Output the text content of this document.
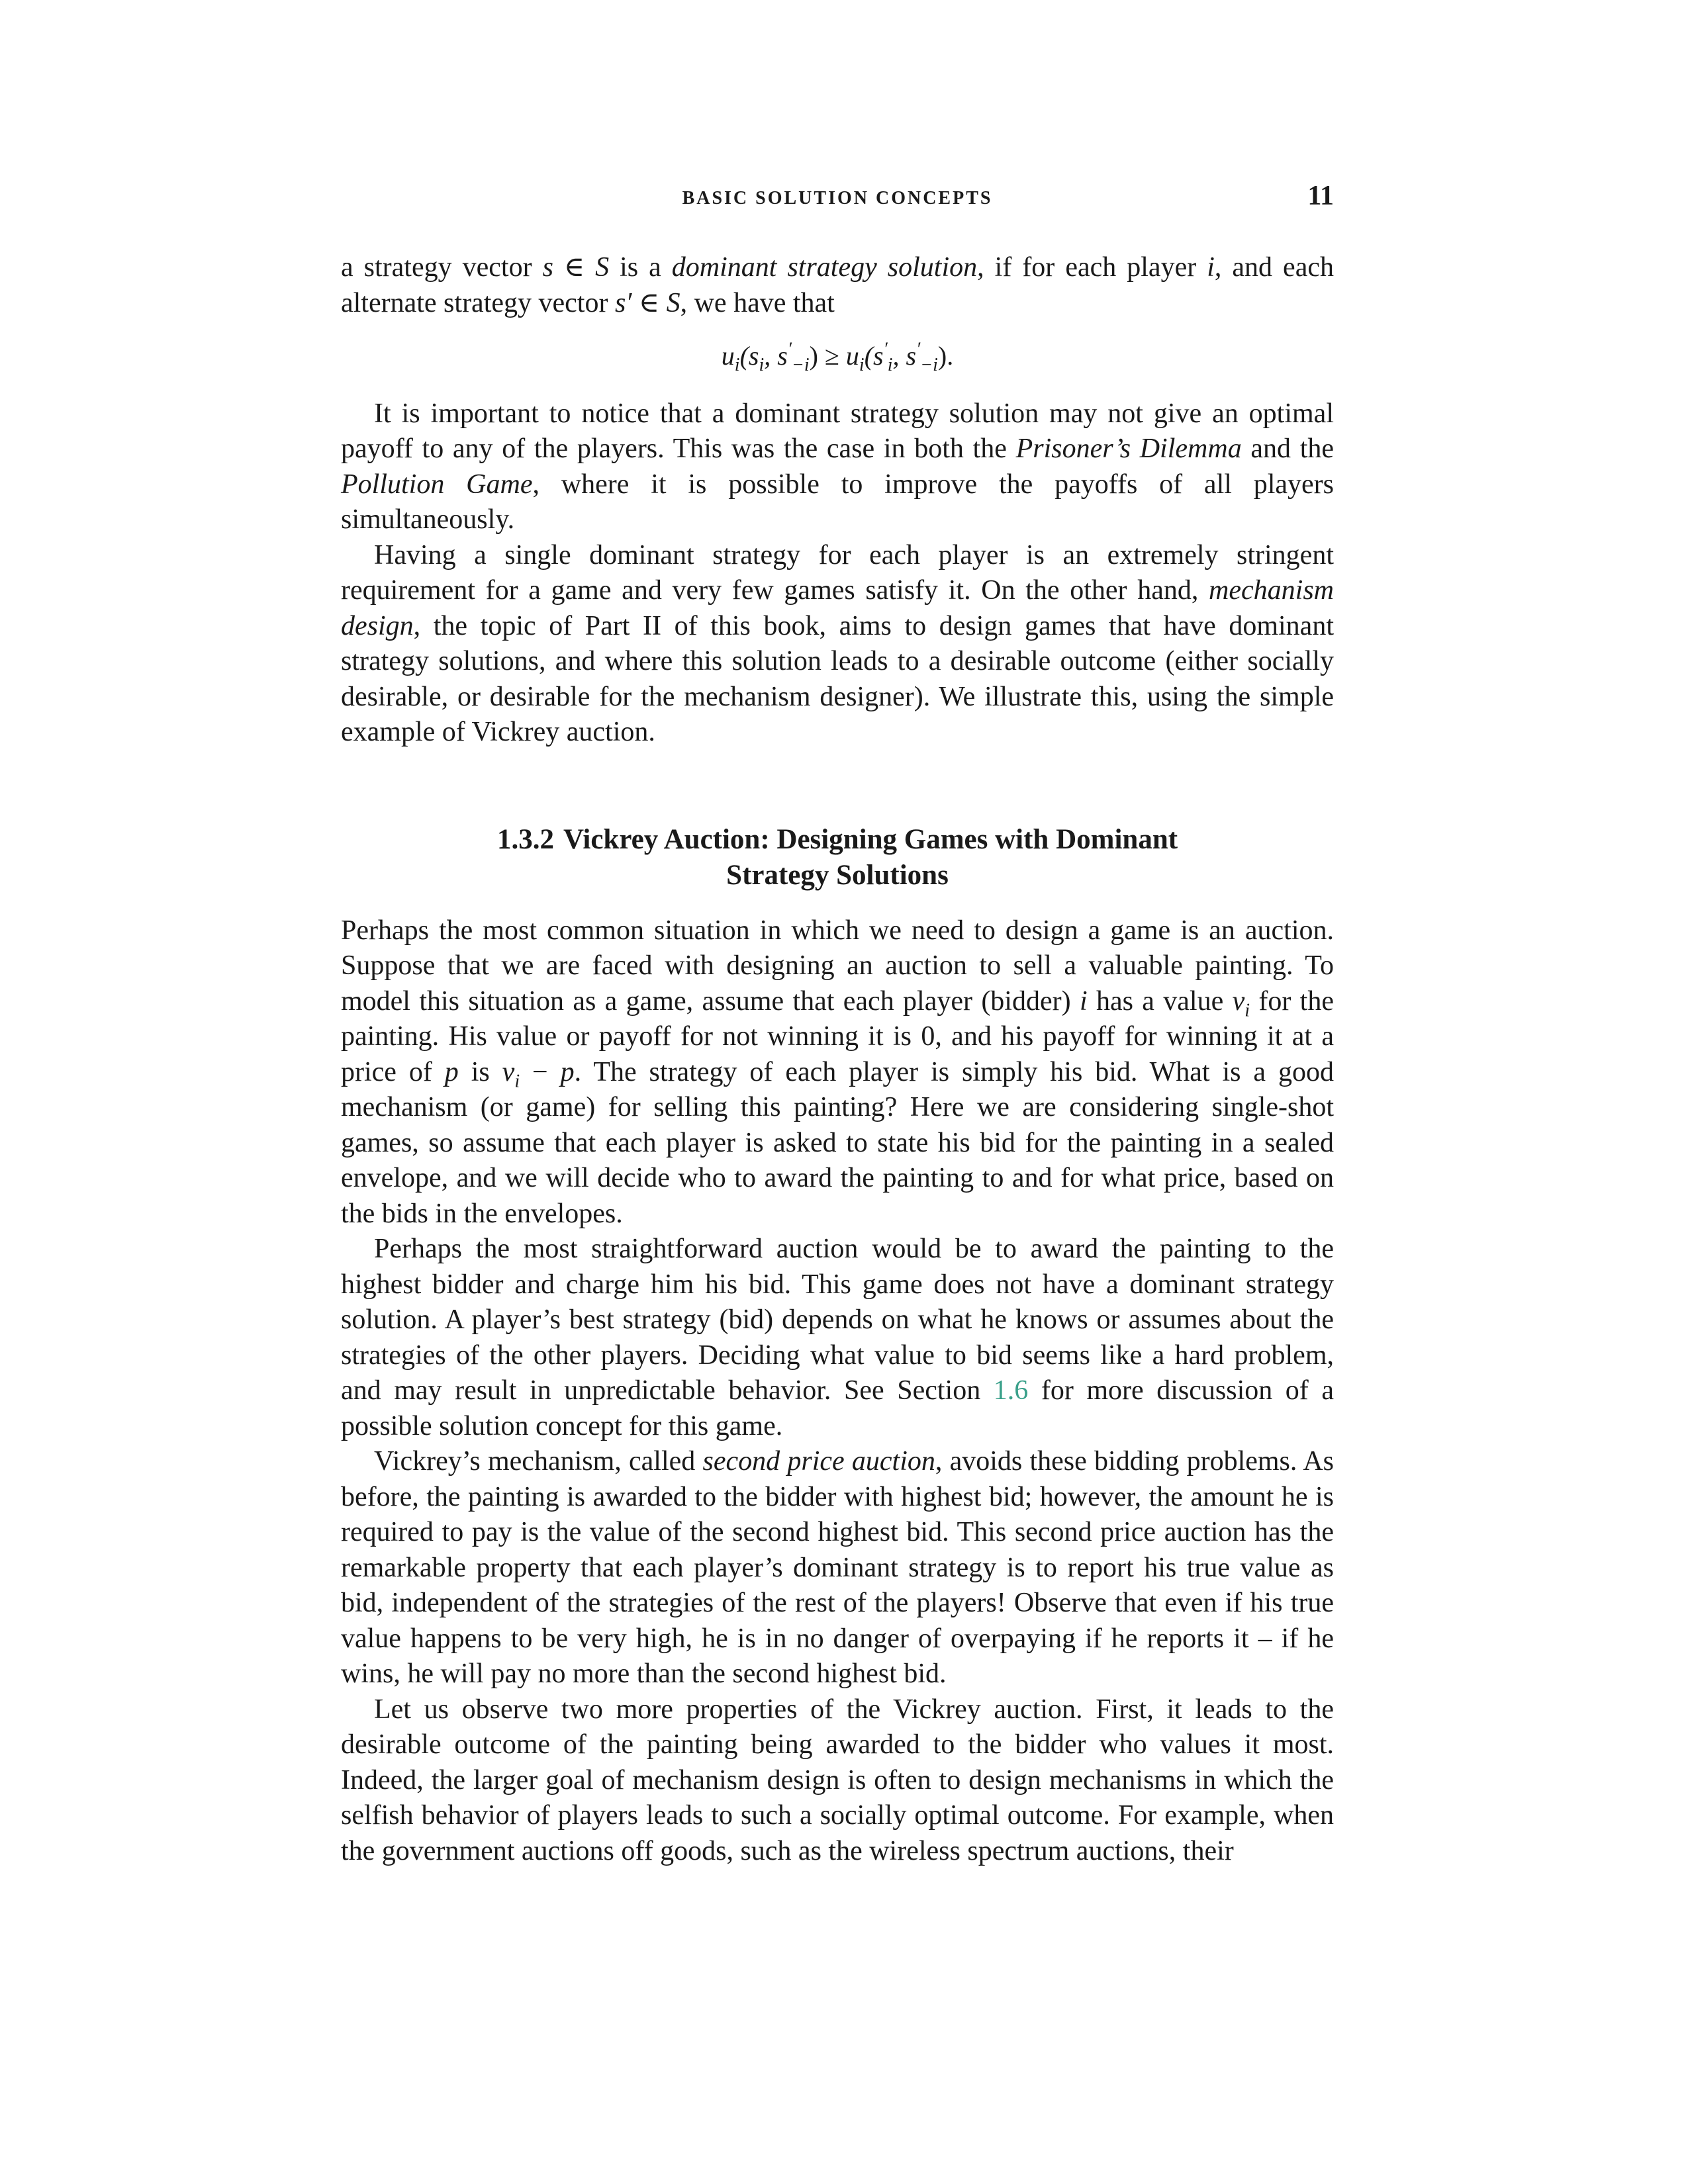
BASIC SOLUTION CONCEPTS	11

a strategy vector s ∈ S is a dominant strategy solution, if for each player i, and each alternate strategy vector s′ ∈ S, we have that

$u_i(s_i$, $s'_{-i}) \ge u_i(s'_i$, $s'_{-i}$).

It is important to notice that a dominant strategy solution may not give an optimal payoff to any of the players. This was the case in both the Prisoner’s Dilemma and the Pollution Game, where it is possible to improve the payoffs of all players simultaneously.

Having a single dominant strategy for each player is an extremely stringent requirement for a game and very few games satisfy it. On the other hand, mechanism design, the topic of Part II of this book, aims to design games that have dominant strategy solutions, and where this solution leads to a desirable outcome (either socially desirable, or desirable for the mechanism designer). We illustrate this, using the simple example of Vickrey auction.

1.3.2 Vickrey Auction: Designing Games with Dominant
Strategy Solutions

Perhaps the most common situation in which we need to design a game is an auction. Suppose that we are faced with designing an auction to sell a valuable painting. To model this situation as a game, assume that each player (bidder) i has a value $v_i$ for the painting. His value or payoff for not winning it is 0, and his payoff for winning it at a price of p is $v_i - p$. The strategy of each player is simply his bid. What is a good mechanism (or game) for selling this painting? Here we are considering single-shot games, so assume that each player is asked to state his bid for the painting in a sealed envelope, and we will decide who to award the painting to and for what price, based on the bids in the envelopes.

Perhaps the most straightforward auction would be to award the painting to the highest bidder and charge him his bid. This game does not have a dominant strategy solution. A player’s best strategy (bid) depends on what he knows or assumes about the strategies of the other players. Deciding what value to bid seems like a hard problem, and may result in unpredictable behavior. See Section 1.6 for more discussion of a possible solution concept for this game.

Vickrey’s mechanism, called second price auction, avoids these bidding problems. As before, the painting is awarded to the bidder with highest bid; however, the amount he is required to pay is the value of the second highest bid. This second price auction has the remarkable property that each player’s dominant strategy is to report his true value as bid, independent of the strategies of the rest of the players! Observe that even if his true value happens to be very high, he is in no danger of overpaying if he reports it – if he wins, he will pay no more than the second highest bid.

Let us observe two more properties of the Vickrey auction. First, it leads to the desirable outcome of the painting being awarded to the bidder who values it most. Indeed, the larger goal of mechanism design is often to design mechanisms in which the selfish behavior of players leads to such a socially optimal outcome. For example, when the government auctions off goods, such as the wireless spectrum auctions, their
